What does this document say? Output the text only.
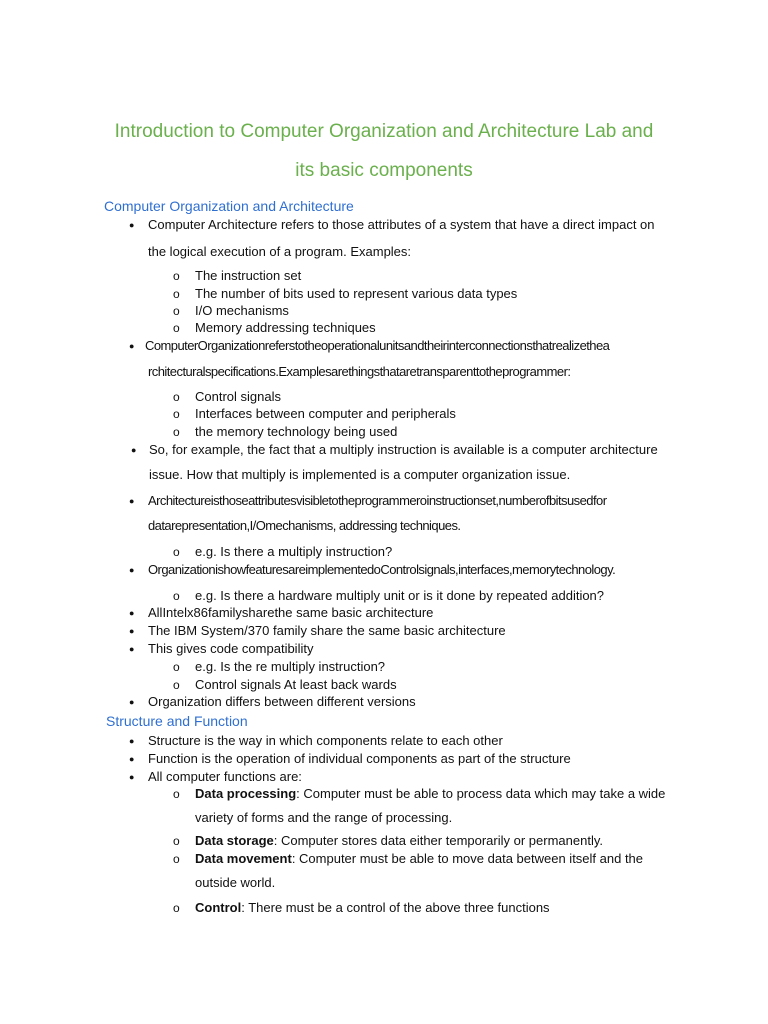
Introduction to Computer Organization and Architecture Lab and
its basic components
Computer Organization and Architecture
● Computer Architecture refers to those attributes of a system that have a direct impact on
the logical execution of a program. Examples:
o The instruction set
o The number of bits used to represent various data types
o I/O mechanisms
o Memory addressing techniques
● ComputerOrganizationreferstotheoperationalunitsandtheirinterconnectionsthatrealizethea
rchitecturalspecifications.Examplesarethingsthataretransparenttotheprogrammer:
o Control signals
o Interfaces between computer and peripherals
o the memory technology being used
● So, for example, the fact that a multiply instruction is available is a computer architecture
issue. How that multiply is implemented is a computer organization issue.
● Architectureisthoseattributesvisibletotheprogrammeroinstructionset,numberofbitsusedfor
datarepresentation,I/Omechanisms, addressing techniques.
o e.g. Is there a multiply instruction?
● OrganizationishowfeaturesareimplementedoControlsignals,interfaces,memorytechnology.
o e.g. Is there a hardware multiply unit or is it done by repeated addition?
● AllIntelx86familysharethe same basic architecture
● The IBM System/370 family share the same basic architecture
● This gives code compatibility
o e.g. Is the re multiply instruction?
o Control signals At least back wards
● Organization differs between different versions
Structure and Function
● Structure is the way in which components relate to each other
● Function is the operation of individual components as part of the structure
● All computer functions are:
o Data processing: Computer must be able to process data which may take a wide
variety of forms and the range of processing.
o Data storage: Computer stores data either temporarily or permanently.
o Data movement: Computer must be able to move data between itself and the
outside world.
o Control: There must be a control of the above three functions
